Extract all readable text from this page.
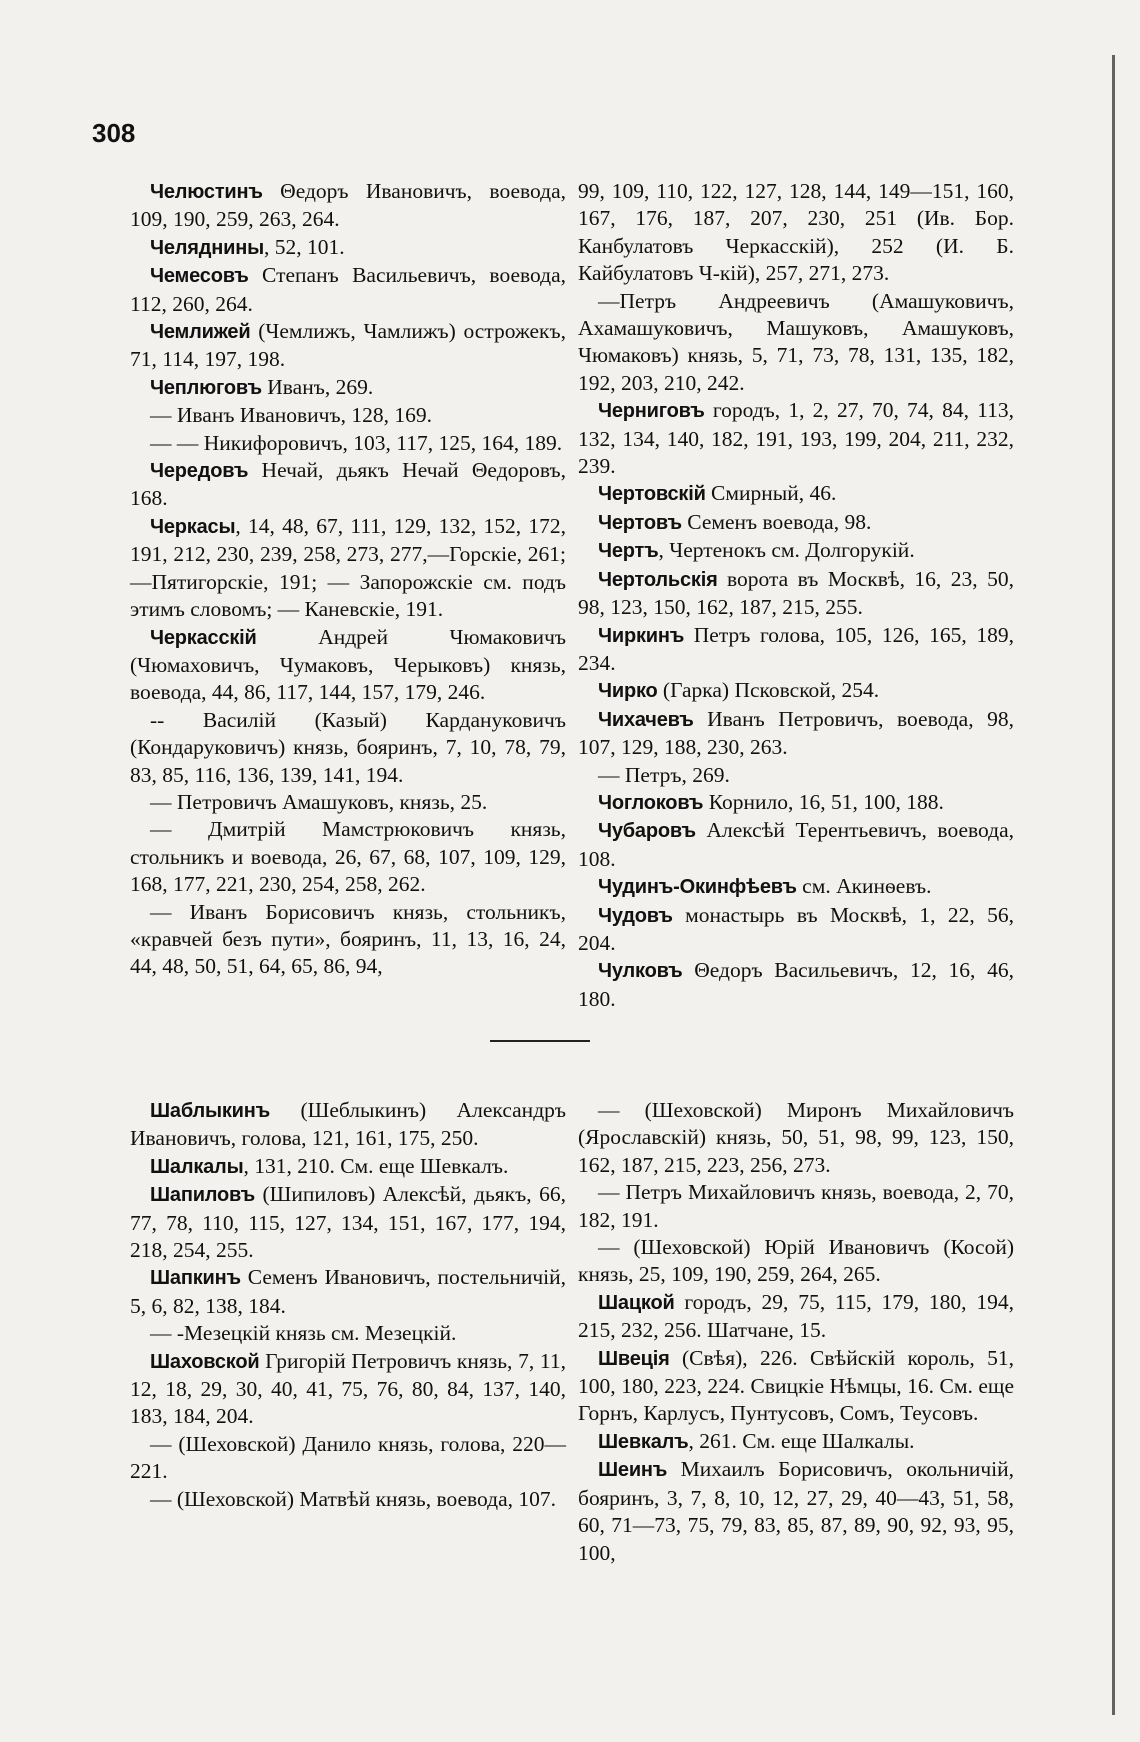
308

Челюстинъ Θедоръ Ивановичъ, воевода, 109, 190, 259, 263, 264.

Челяднины, 52, 101.

Чемесовъ Степанъ Васильевичъ, воевода, 112, 260, 264.

Чемлижей (Чемлижъ, Чамлижъ) острожекъ, 71, 114, 197, 198.

Чеплюговъ Иванъ, 269.

— Иванъ Ивановичъ, 128, 169.

— — Никифоровичъ, 103, 117, 125, 164, 189.

Чередовъ Нечай, дьякъ Нечай Θедоровъ, 168.

Черкасы, 14, 48, 67, 111, 129, 132, 152, 172, 191, 212, 230, 239, 258, 273, 277,—Горскіе, 261;—Пятигорскіе, 191; — Запорожскіе см. подъ этимъ словомъ; — Каневскіе, 191.

Черкасскій Андрей Чюмаковичъ (Чюмаховичъ, Чумаковъ, Черыковъ) князь, воевода, 44, 86, 117, 144, 157, 179, 246.

-- Василій (Казый) Кардануковичъ (Кондаруковичъ) князь, бояринъ, 7, 10, 78, 79, 83, 85, 116, 136, 139, 141, 194.

— Петровичъ Амашуковъ, князь, 25.

— Дмитрій Мамстрюковичъ князь, стольникъ и воевода, 26, 67, 68, 107, 109, 129, 168, 177, 221, 230, 254, 258, 262.

— Иванъ Борисовичъ князь, стольникъ, «кравчей безъ пути», бояринъ, 11, 13, 16, 24, 44, 48, 50, 51, 64, 65, 86, 94,

99, 109, 110, 122, 127, 128, 144, 149—151, 160, 167, 176, 187, 207, 230, 251 (Ив. Бор. Канбулатовъ Черкасскій), 252 (И. Б. Кайбулатовъ Ч-кій), 257, 271, 273.

—Петръ Андреевичъ (Амашуковичъ, Ахамашуковичъ, Машуковъ, Амашуковъ, Чюмаковъ) князь, 5, 71, 73, 78, 131, 135, 182, 192, 203, 210, 242.

Черниговъ городъ, 1, 2, 27, 70, 74, 84, 113, 132, 134, 140, 182, 191, 193, 199, 204, 211, 232, 239.

Чертовскій Смирный, 46.

Чертовъ Семенъ воевода, 98.

Чертъ, Чертенокъ см. Долгорукій.

Чертольскія ворота въ Москвѣ, 16, 23, 50, 98, 123, 150, 162, 187, 215, 255.

Чиркинъ Петръ голова, 105, 126, 165, 189, 234.

Чирко (Гарка) Псковской, 254.

Чихачевъ Иванъ Петровичъ, воевода, 98, 107, 129, 188, 230, 263.

— Петръ, 269.

Чоглоковъ Корнило, 16, 51, 100, 188.

Чубаровъ Алексѣй Терентьевичъ, воевода, 108.

Чудинъ-Окинфѣевъ см. Акинѳевъ.

Чудовъ монастырь въ Москвѣ, 1, 22, 56, 204.

Чулковъ Θедоръ Васильевичъ, 12, 16, 46, 180.

Шаблыкинъ (Шеблыкинъ) Александръ Ивановичъ, голова, 121, 161, 175, 250.

Шалкалы, 131, 210. См. еще Шевкалъ.

Шапиловъ (Шипиловъ) Алексѣй, дьякъ, 66, 77, 78, 110, 115, 127, 134, 151, 167, 177, 194, 218, 254, 255.

Шапкинъ Семенъ Ивановичъ, постельничій, 5, 6, 82, 138, 184.

— -Мезецкій князь см. Мезецкій.

Шаховской Григорій Петровичъ князь, 7, 11, 12, 18, 29, 30, 40, 41, 75, 76, 80, 84, 137, 140, 183, 184, 204.

— (Шеховской) Данило князь, голова, 220—221.

— (Шеховской) Матвѣй князь, воевода, 107.

— (Шеховской) Миронъ Михайловичъ (Ярославскій) князь, 50, 51, 98, 99, 123, 150, 162, 187, 215, 223, 256, 273.

— Петръ Михайловичъ князь, воевода, 2, 70, 182, 191.

— (Шеховской) Юрій Ивановичъ (Косой) князь, 25, 109, 190, 259, 264, 265.

Шацкой городъ, 29, 75, 115, 179, 180, 194, 215, 232, 256. Шатчане, 15.

Швеція (Свѣя), 226. Свѣйскій король, 51, 100, 180, 223, 224. Свицкіе Нѣмцы, 16. См. еще Горнъ, Карлусъ, Пунтусовъ, Сомъ, Теусовъ.

Шевкалъ, 261. См. еще Шалкалы.

Шеинъ Михаилъ Борисовичъ, окольничій, бояринъ, 3, 7, 8, 10, 12, 27, 29, 40—43, 51, 58, 60, 71—73, 75, 79, 83, 85, 87, 89, 90, 92, 93, 95, 100,
